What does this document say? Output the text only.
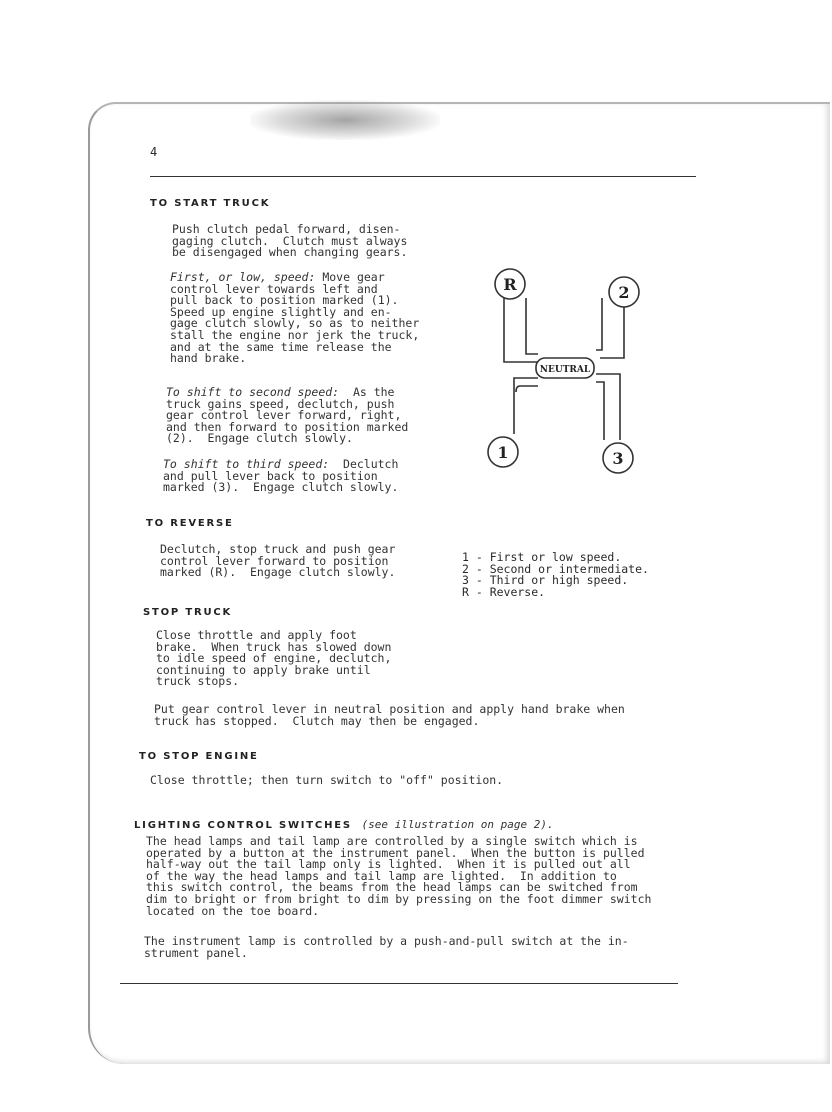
4
TO START TRUCK
Push clutch pedal forward, disen-
gaging clutch.  Clutch must always
be disengaged when changing gears.
First, or low, speed: Move gear
control lever towards left and
pull back to position marked (1).
Speed up engine slightly and en-
gage clutch slowly, so as to neither
stall the engine nor jerk the truck,
and at the same time release the
hand brake.
To shift to second speed:  As the
truck gains speed, declutch, push
gear control lever forward, right,
and then forward to position marked
(2).  Engage clutch slowly.
To shift to third speed:  Declutch
and pull lever back to position
marked (3).  Engage clutch slowly.
R	2
1	3
NEUTRAL
1 - First or low speed.
2 - Second or intermediate.
3 - Third or high speed.
R - Reverse.
TO REVERSE
Declutch, stop truck and push gear
control lever forward to position
marked (R).  Engage clutch slowly.
STOP TRUCK
Close throttle and apply foot
brake.  When truck has slowed down
to idle speed of engine, declutch,
continuing to apply brake until
truck stops.
Put gear control lever in neutral position and apply hand brake when
truck has stopped.  Clutch may then be engaged.
TO STOP ENGINE
Close throttle; then turn switch to "off" position.
LIGHTING CONTROL SWITCHES (see illustration on page 2).
The head lamps and tail lamp are controlled by a single switch which is
operated by a button at the instrument panel.  When the button is pulled
half-way out the tail lamp only is lighted.  When it is pulled out all
of the way the head lamps and tail lamp are lighted.  In addition to
this switch control, the beams from the head lamps can be switched from
dim to bright or from bright to dim by pressing on the foot dimmer switch
located on the toe board.
The instrument lamp is controlled by a push-and-pull switch at the in-
strument panel.
